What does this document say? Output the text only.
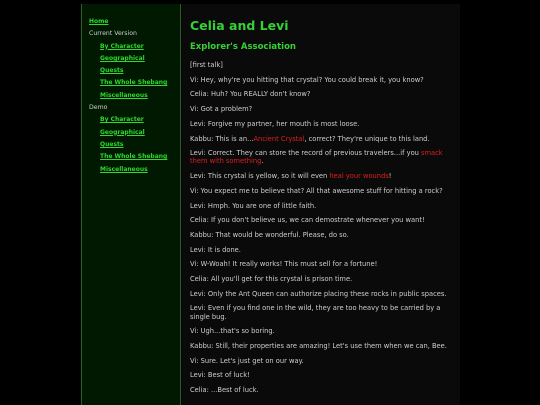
Home
Current Version
By Character
Geographical
Quests
The Whole Shebang
Miscellaneous
Demo
By Character
Geographical
Quests
The Whole Shebang
Miscellaneous
Celia and Levi
Explorer's Association

[first talk]

Vi: Hey, why're you hitting that crystal? You could break it, you know?

Celia: Huh? You REALLY don't know?

Vi: Got a problem?

Levi: Forgive my partner, her mouth is most loose.

Kabbu: This is an...Ancient Crystal, correct? They're unique to this land.

Levi: Correct. They can store the record of previous travelers...if you smack them with something.

Levi: This crystal is yellow, so it will even heal your wounds!

Vi: You expect me to believe that? All that awesome stuff for hitting a rock?

Levi: Hmph. You are one of little faith.

Celia: If you don't believe us, we can demostrate whenever you want!

Kabbu: That would be wonderful. Please, do so.

Levi: It is done.

Vi: W-Woah! It really works! This must sell for a fortune!

Celia: All you'll get for this crystal is prison time.

Levi: Only the Ant Queen can authorize placing these rocks in public spaces.

Levi: Even if you find one in the wild, they are too heavy to be carried by a single bug.

Vi: Ugh...that's so boring.

Kabbu: Still, their properties are amazing! Let's use them when we can, Bee.

Vi: Sure. Let's just get on our way.

Levi: Best of luck!

Celia: ...Best of luck.
